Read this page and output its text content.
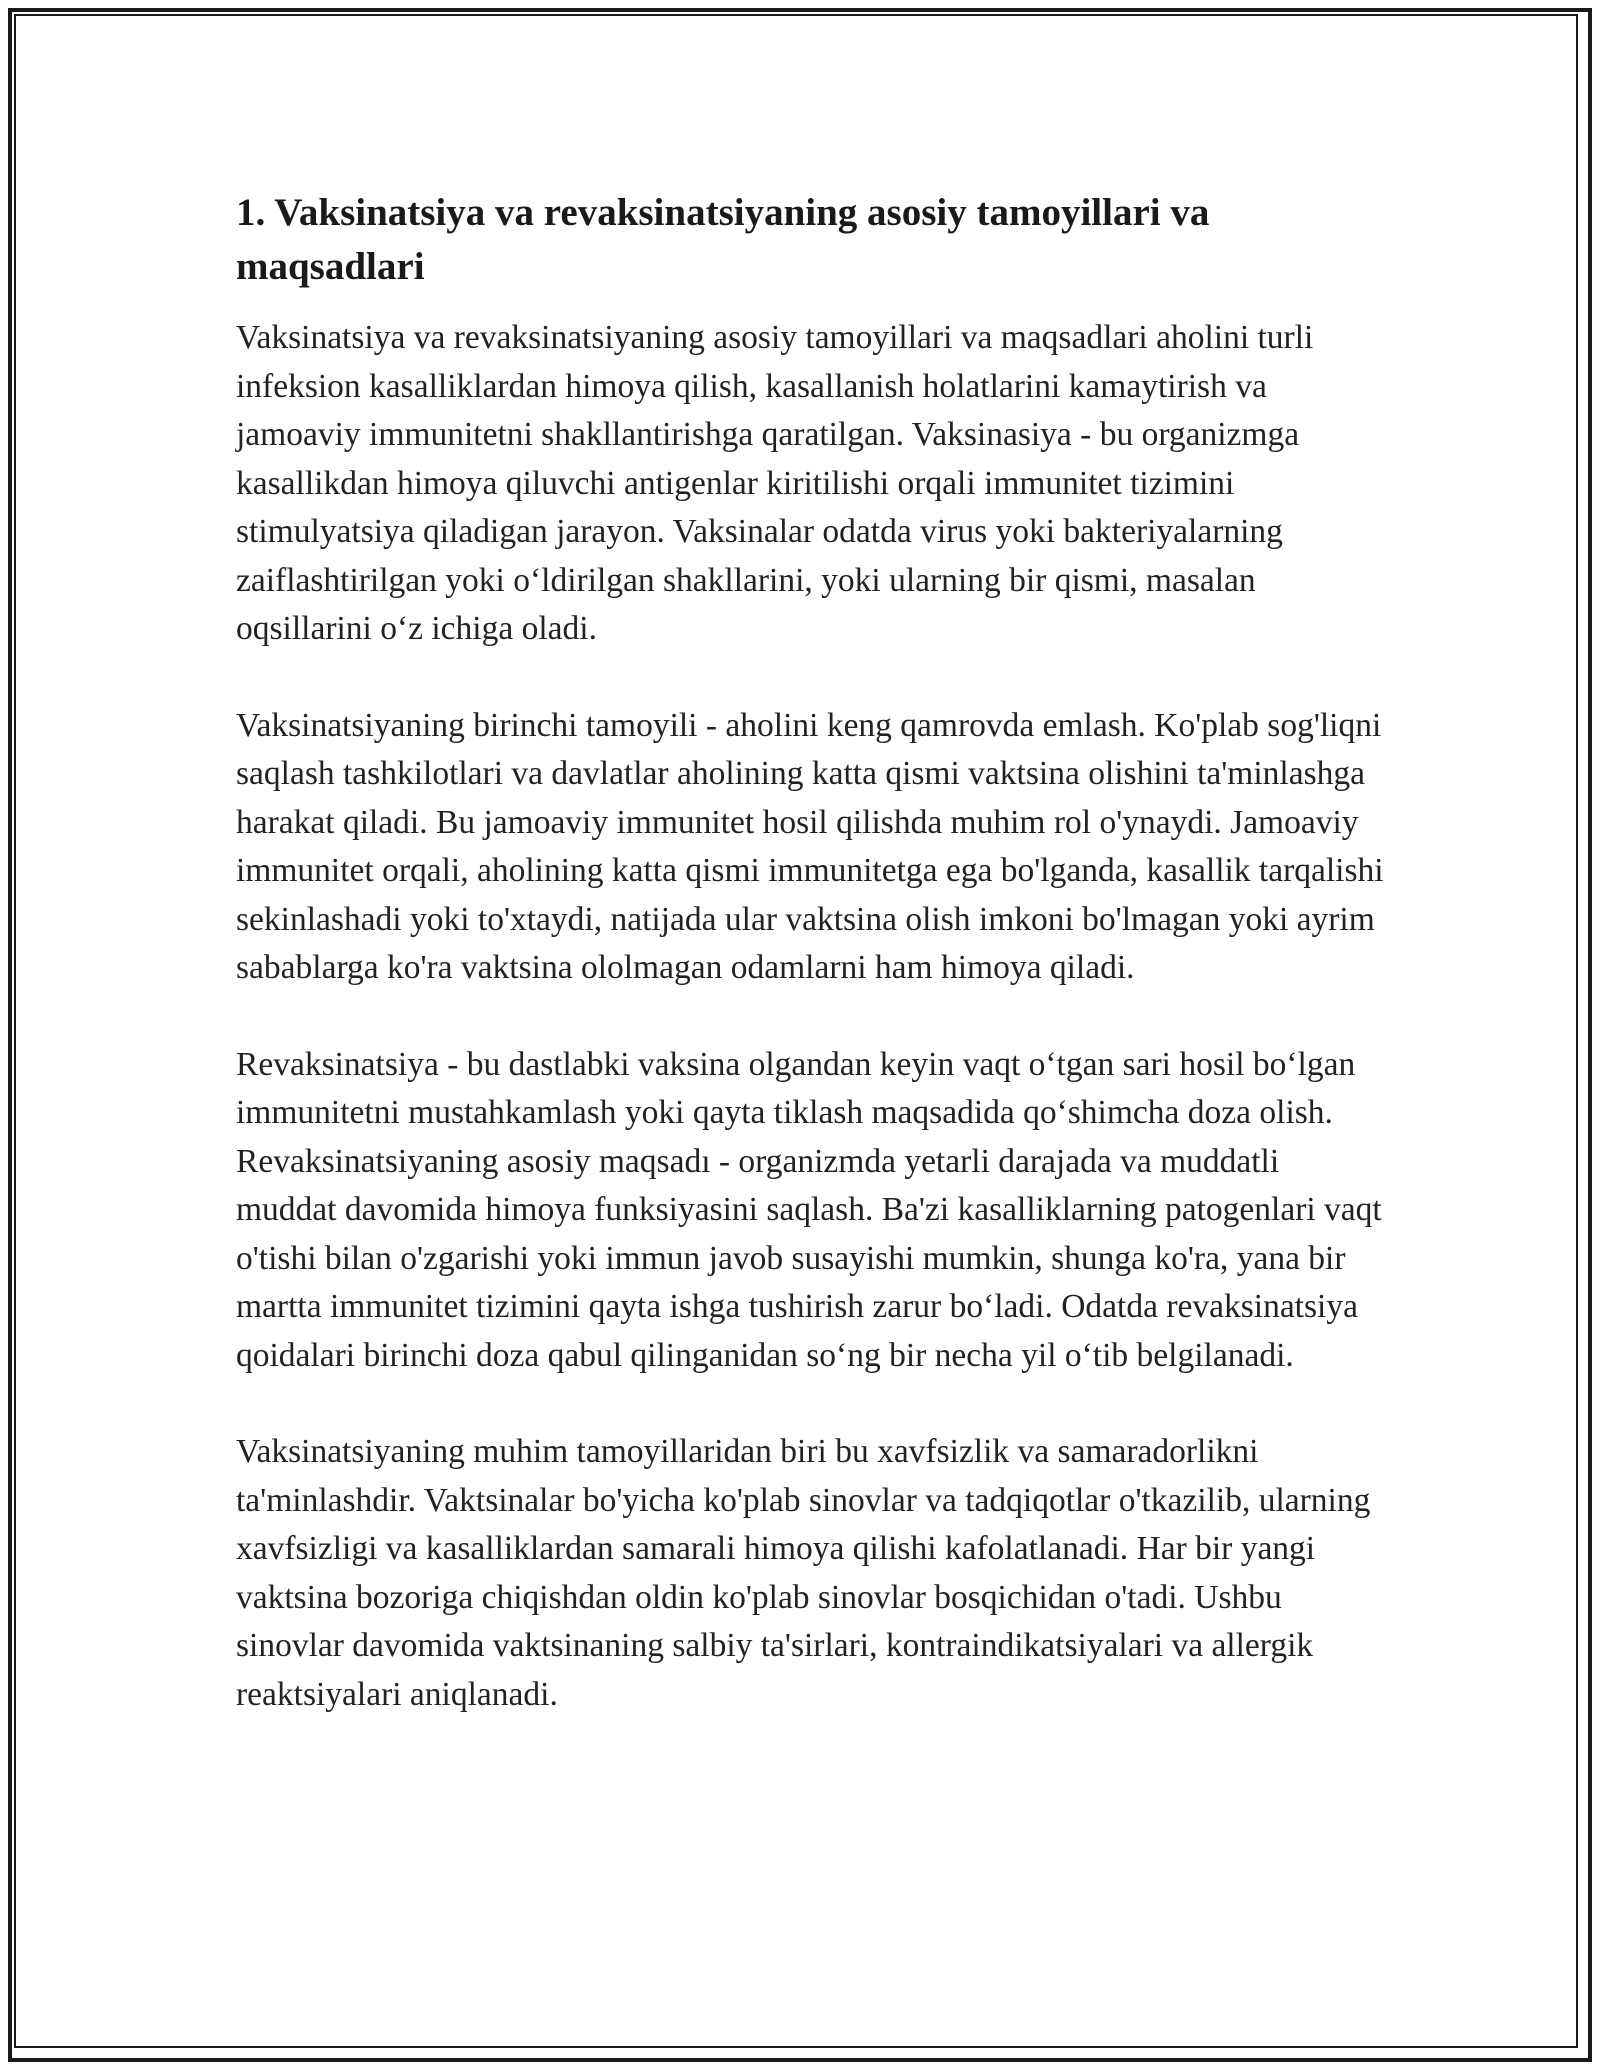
1. Vaksinatsiya va revaksinatsiyaning asosiy tamoyillari va maqsadlari

Vaksinatsiya va revaksinatsiyaning asosiy tamoyillari va maqsadlari aholini turli infeksion kasalliklardan himoya qilish, kasallanish holatlarini kamaytirish va jamoaviy immunitetni shakllantirishga qaratilgan. Vaksinasiya - bu organizmga kasallikdan himoya qiluvchi antigenlar kiritilishi orqali immunitet tizimini stimulyatsiya qiladigan jarayon. Vaksinalar odatda virus yoki bakteriyalarning zaiflashtirilgan yoki oʻldirilgan shakllarini, yoki ularning bir qismi, masalan oqsillarini oʻz ichiga oladi.

Vaksinatsiyaning birinchi tamoyili - aholini keng qamrovda emlash. Ko'plab sog'liqni saqlash tashkilotlari va davlatlar aholining katta qismi vaktsina olishini ta'minlashga harakat qiladi. Bu jamoaviy immunitet hosil qilishda muhim rol o'ynaydi. Jamoaviy immunitet orqali, aholining katta qismi immunitetga ega bo'lganda, kasallik tarqalishi sekinlashadi yoki to'xtaydi, natijada ular vaktsina olish imkoni bo'lmagan yoki ayrim sabablarga ko'ra vaktsina ololmagan odamlarni ham himoya qiladi.

Revaksinatsiya - bu dastlabki vaksina olgandan keyin vaqt oʻtgan sari hosil boʻlgan immunitetni mustahkamlash yoki qayta tiklash maqsadida qoʻshimcha doza olish. Revaksinatsiyaning asosiy maqsadı - organizmda yetarli darajada va muddatli muddat davomida himoya funksiyasini saqlash. Ba'zi kasalliklarning patogenlari vaqt o'tishi bilan o'zgarishi yoki immun javob susayishi mumkin, shunga ko'ra, yana bir martta immunitet tizimini qayta ishga tushirish zarur boʻladi. Odatda revaksinatsiya qoidalari birinchi doza qabul qilinganidan soʻng bir necha yil oʻtib belgilanadi.

Vaksinatsiyaning muhim tamoyillaridan biri bu xavfsizlik va samaradorlikni ta'minlashdir. Vaktsinalar bo'yicha ko'plab sinovlar va tadqiqotlar o'tkazilib, ularning xavfsizligi va kasalliklardan samarali himoya qilishi kafolatlanadi. Har bir yangi vaktsina bozoriga chiqishdan oldin ko'plab sinovlar bosqichidan o'tadi. Ushbu sinovlar davomida vaktsinaning salbiy ta'sirlari, kontraindikatsiyalari va allergik reaktsiyalari aniqlanadi.
